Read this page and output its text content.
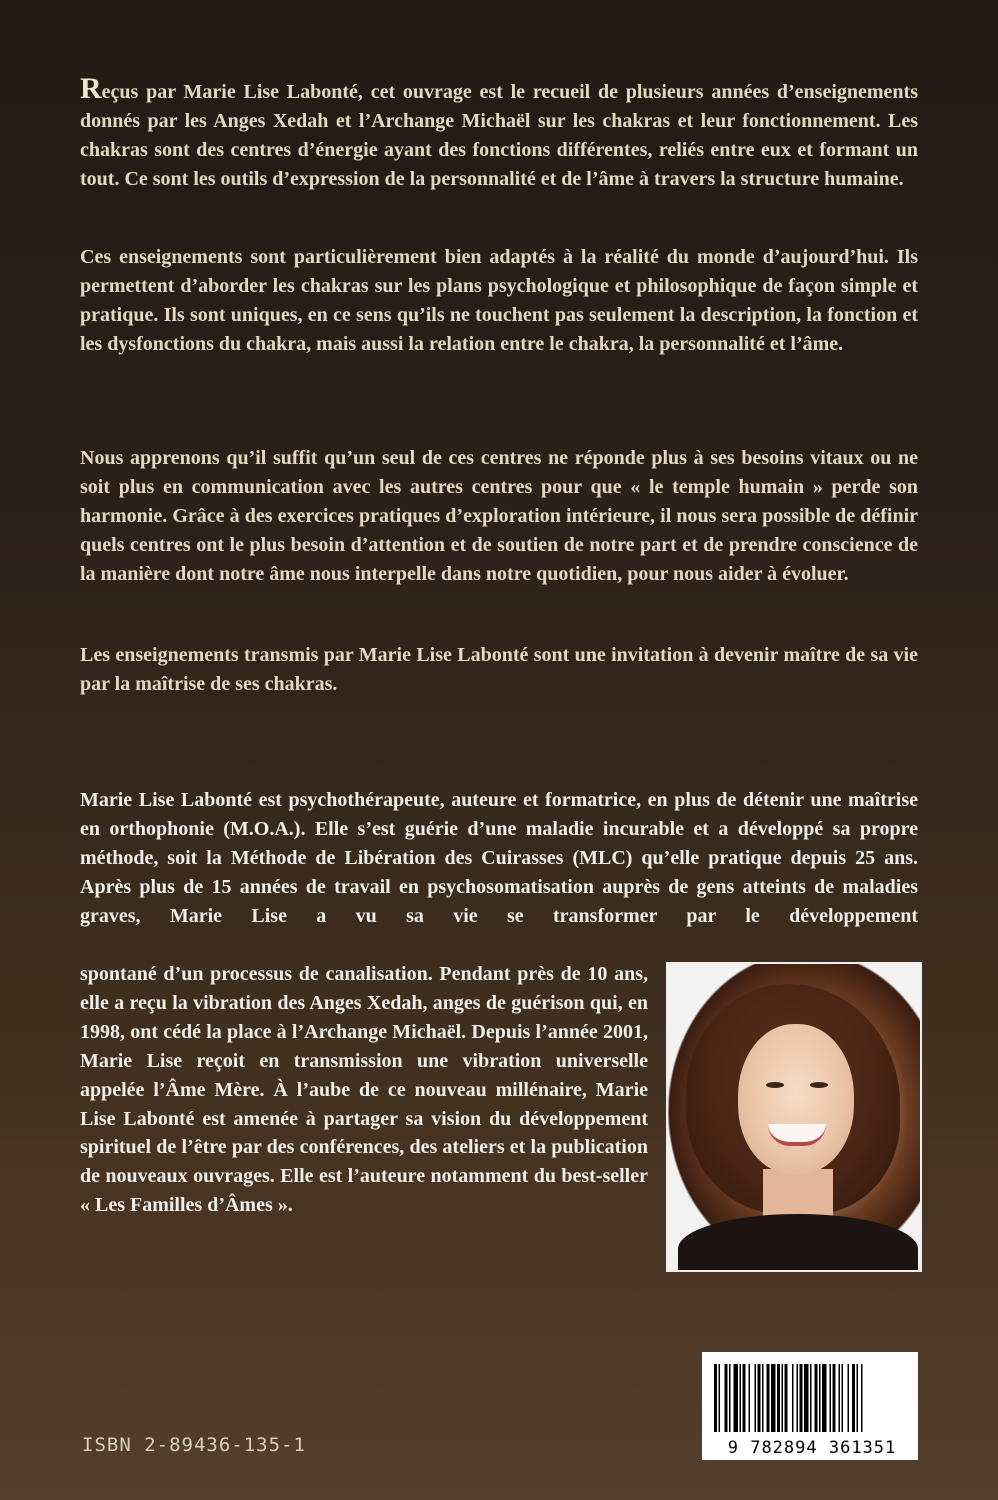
Reçus par Marie Lise Labonté, cet ouvrage est le recueil de plusieurs années d’enseignements donnés par les Anges Xedah et l’Archange Michaël sur les chakras et leur fonctionnement. Les chakras sont des centres d’énergie ayant des fonctions différentes, reliés entre eux et formant un tout. Ce sont les outils d’expression de la personnalité et de l’âme à travers la structure humaine.

Ces enseignements sont particulièrement bien adaptés à la réalité du monde d’aujourd’hui. Ils permettent d’aborder les chakras sur les plans psychologique et philosophique de façon simple et pratique. Ils sont uniques, en ce sens qu’ils ne touchent pas seulement la description, la fonction et les dysfonctions du chakra, mais aussi la relation entre le chakra, la personnalité et l’âme.

Nous apprenons qu’il suffit qu’un seul de ces centres ne réponde plus à ses besoins vitaux ou ne soit plus en communication avec les autres centres pour que « le temple humain » perde son harmonie. Grâce à des exercices pratiques d’exploration intérieure, il nous sera possible de définir quels centres ont le plus besoin d’attention et de soutien de notre part et de prendre conscience de la manière dont notre âme nous interpelle dans notre quotidien, pour nous aider à évoluer.

Les enseignements transmis par Marie Lise Labonté sont une invitation à devenir maître de sa vie par la maîtrise de ses chakras.

Marie Lise Labonté est psychothérapeute, auteure et formatrice, en plus de détenir une maîtrise en orthophonie (M.O.A.). Elle s’est guérie d’une maladie incurable et a développé sa propre méthode, soit la Méthode de Libération des Cuirasses (MLC) qu’elle pratique depuis 25 ans. Après plus de 15 années de travail en psychosomatisation auprès de gens atteints de maladies graves, Marie Lise a vu sa vie se transformer par le développement

spontané d’un processus de canalisation. Pendant près de 10 ans, elle a reçu la vibration des Anges Xedah, anges de guérison qui, en 1998, ont cédé la place à l’Archange Michaël. Depuis l’année 2001, Marie Lise reçoit en transmission une vibration universelle appelée l’Âme Mère. À l’aube de ce nouveau millénaire, Marie Lise Labonté est amenée à partager sa vision du développement spirituel de l’être par des conférences, des ateliers et la publication de nouveaux ouvrages. Elle est l’auteure notamment du best-seller « Les Familles d’Âmes ».

ISBN 2-89436-135-1	9 782894 361351
